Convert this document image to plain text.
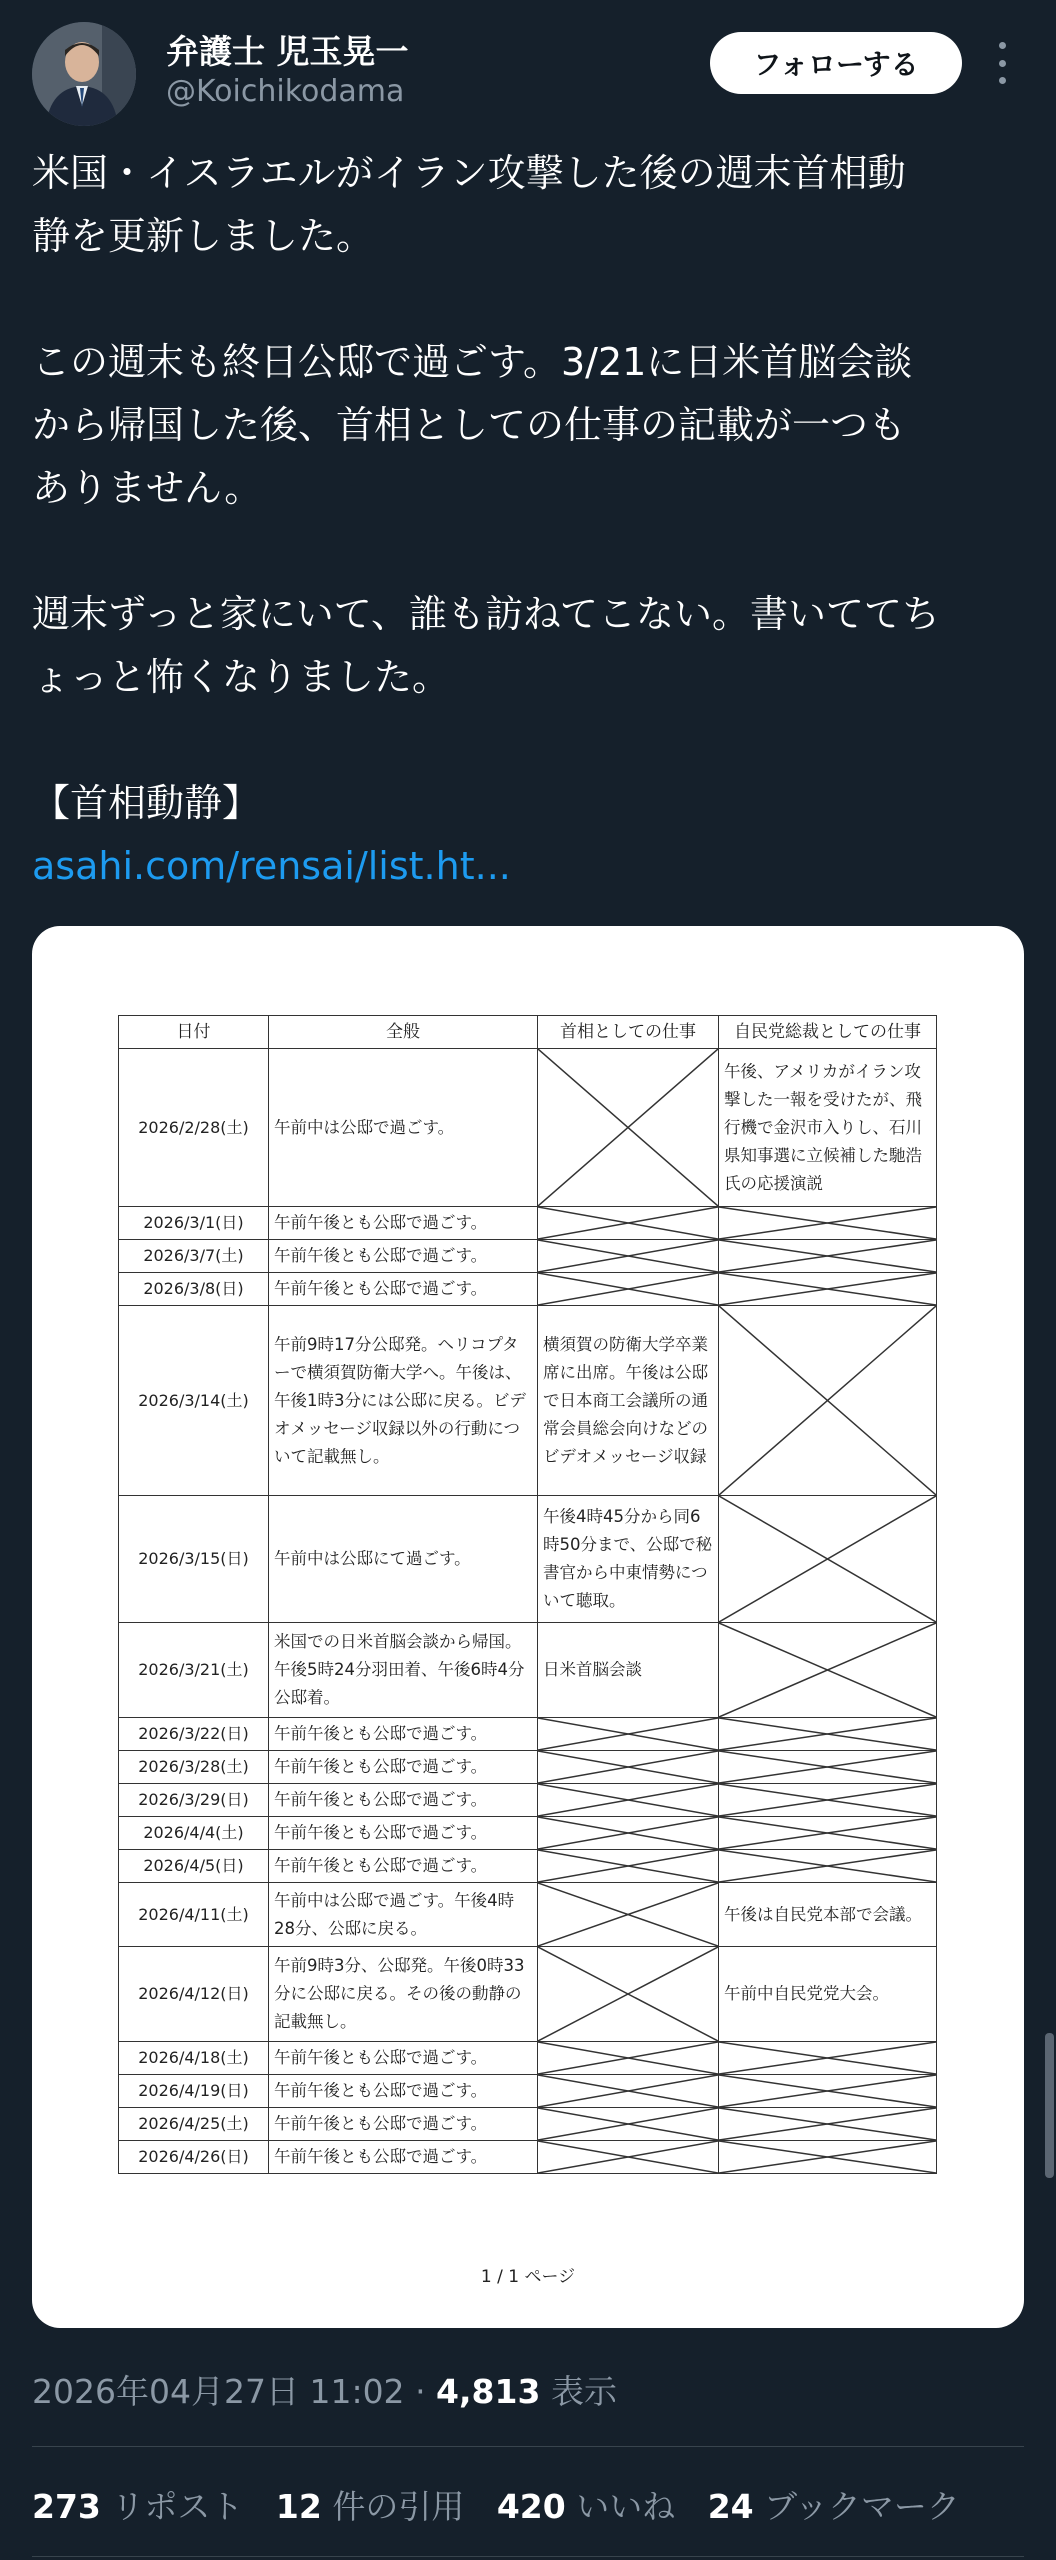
弁護士 児玉晃一
@Koichikodama
フォローする

米国・イスラエルがイラン攻撃した後の週末首相動

静を更新しました。

この週末も終日公邸で過ごす。3/21に日米首脳会談

から帰国した後、首相としての仕事の記載が一つも

ありません。

週末ずっと家にいて、誰も訪ねてこない。書いててち

ょっと怖くなりました。

【首相動静】

asahi.com/rensai/list.ht...

日付	全般	首相としての仕事	自民党総裁としての仕事
2026/2/28(土)	午前中は公邸で過ごす。		午後、アメリカがイラン攻撃した一報を受けたが、飛行機で金沢市入りし、石川県知事選に立候補した馳浩氏の応援演説
2026/3/1(日)	午前午後とも公邸で過ごす。	

2026/3/7(土)	午前午後とも公邸で過ごす。	

2026/3/8(日)	午前午後とも公邸で過ごす。	

2026/3/14(土)	午前9時17分公邸発。ヘリコプターで横須賀防衛大学へ。午後は、午後1時3分には公邸に戻る。ビデオメッセージ収録以外の行動について記載無し。	横須賀の防衛大学卒業席に出席。午後は公邸で日本商工会議所の通常会員総会向けなどのビデオメッセージ収録	

2026/3/15(日)	午前中は公邸にて過ごす。	午後4時45分から同6時50分まで、公邸で秘書官から中東情勢について聴取。	

2026/3/21(土)	米国での日米首脳会談から帰国。午後5時24分羽田着、午後6時4分公邸着。	日米首脳会談	

2026/3/22(日)	午前午後とも公邸で過ごす。	

2026/3/28(土)	午前午後とも公邸で過ごす。	

2026/3/29(日)	午前午後とも公邸で過ごす。	

2026/4/4(土)	午前午後とも公邸で過ごす。	

2026/4/5(日)	午前午後とも公邸で過ごす。	

2026/4/11(土)	午前中は公邸で過ごす。午後4時28分、公邸に戻る。		午後は自民党本部で会議。
2026/4/12(日)	午前9時3分、公邸発。午後0時33分に公邸に戻る。その後の動静の記載無し。		午前中自民党党大会。
2026/4/18(土)	午前午後とも公邸で過ごす。	

2026/4/19(日)	午前午後とも公邸で過ごす。	

2026/4/25(土)	午前午後とも公邸で過ごす。	

2026/4/26(日)	午前午後とも公邸で過ごす。	

1 / 1 ページ
2026年04月27日 11:02 · 4,813 表示
273 リポスト 12 件の引用 420 いいね 24 ブックマーク
